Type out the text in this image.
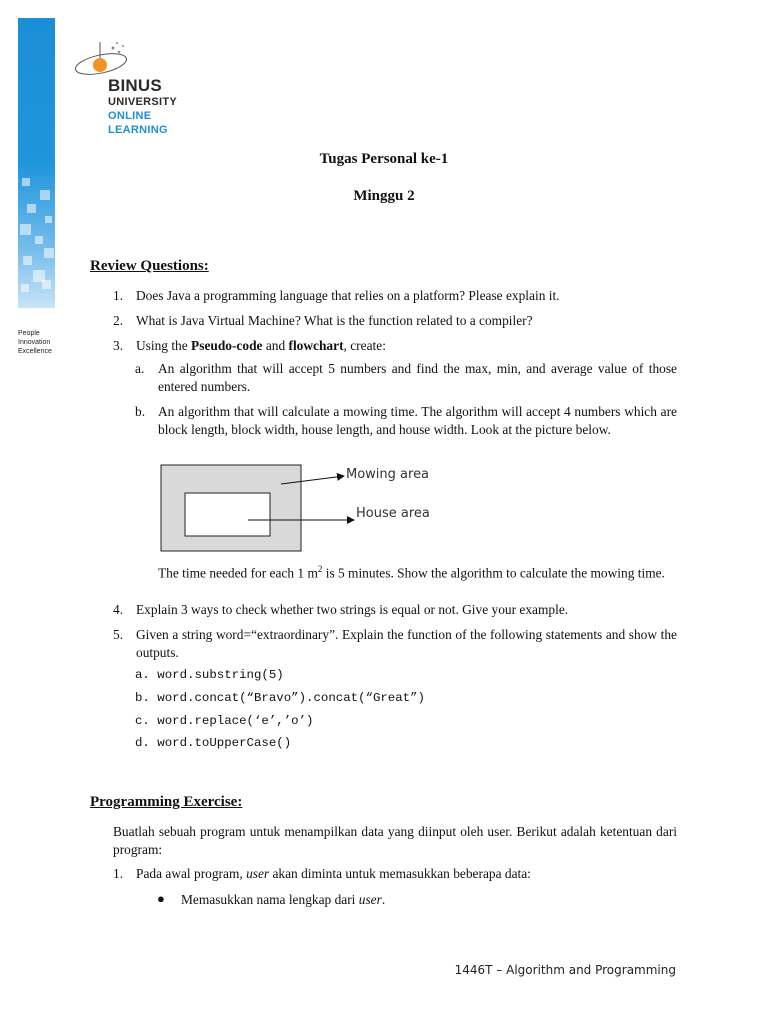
People
Innovation
Excellence
BINUS
UNIVERSITY
ONLINE
LEARNING
Tugas Personal ke-1
Minggu 2
Review Questions:
1. Does Java a programming language that relies on a platform? Please explain it.
2. What is Java Virtual Machine? What is the function related to a compiler?
3. Using the Pseudo-code and flowchart, create:
a. An algorithm that will accept 5 numbers and find the max, min, and average value of those entered numbers.
b. An algorithm that will calculate a mowing time. The algorithm will accept 4 numbers which are block length, block width, house length, and house width. Look at the picture below.
Mowing area
House area
The time needed for each 1 $m^2$ is 5 minutes. Show the algorithm to calculate the mowing time.
4. Explain 3 ways to check whether two strings is equal or not. Give your example.
5. Given a string word=“extraordinary”. Explain the function of the following statements and show the outputs.
a. word.substring(5)
b. word.concat(“Bravo”).concat(“Great”)
c. word.replace(‘e’,’o’)
d. word.toUpperCase()
Programming Exercise:
Buatlah sebuah program untuk menampilkan data yang diinput oleh user. Berikut adalah ketentuan dari program:
1. Pada awal program, user akan diminta untuk memasukkan beberapa data:
● Memasukkan nama lengkap dari user.
1446T – Algorithm and Programming
